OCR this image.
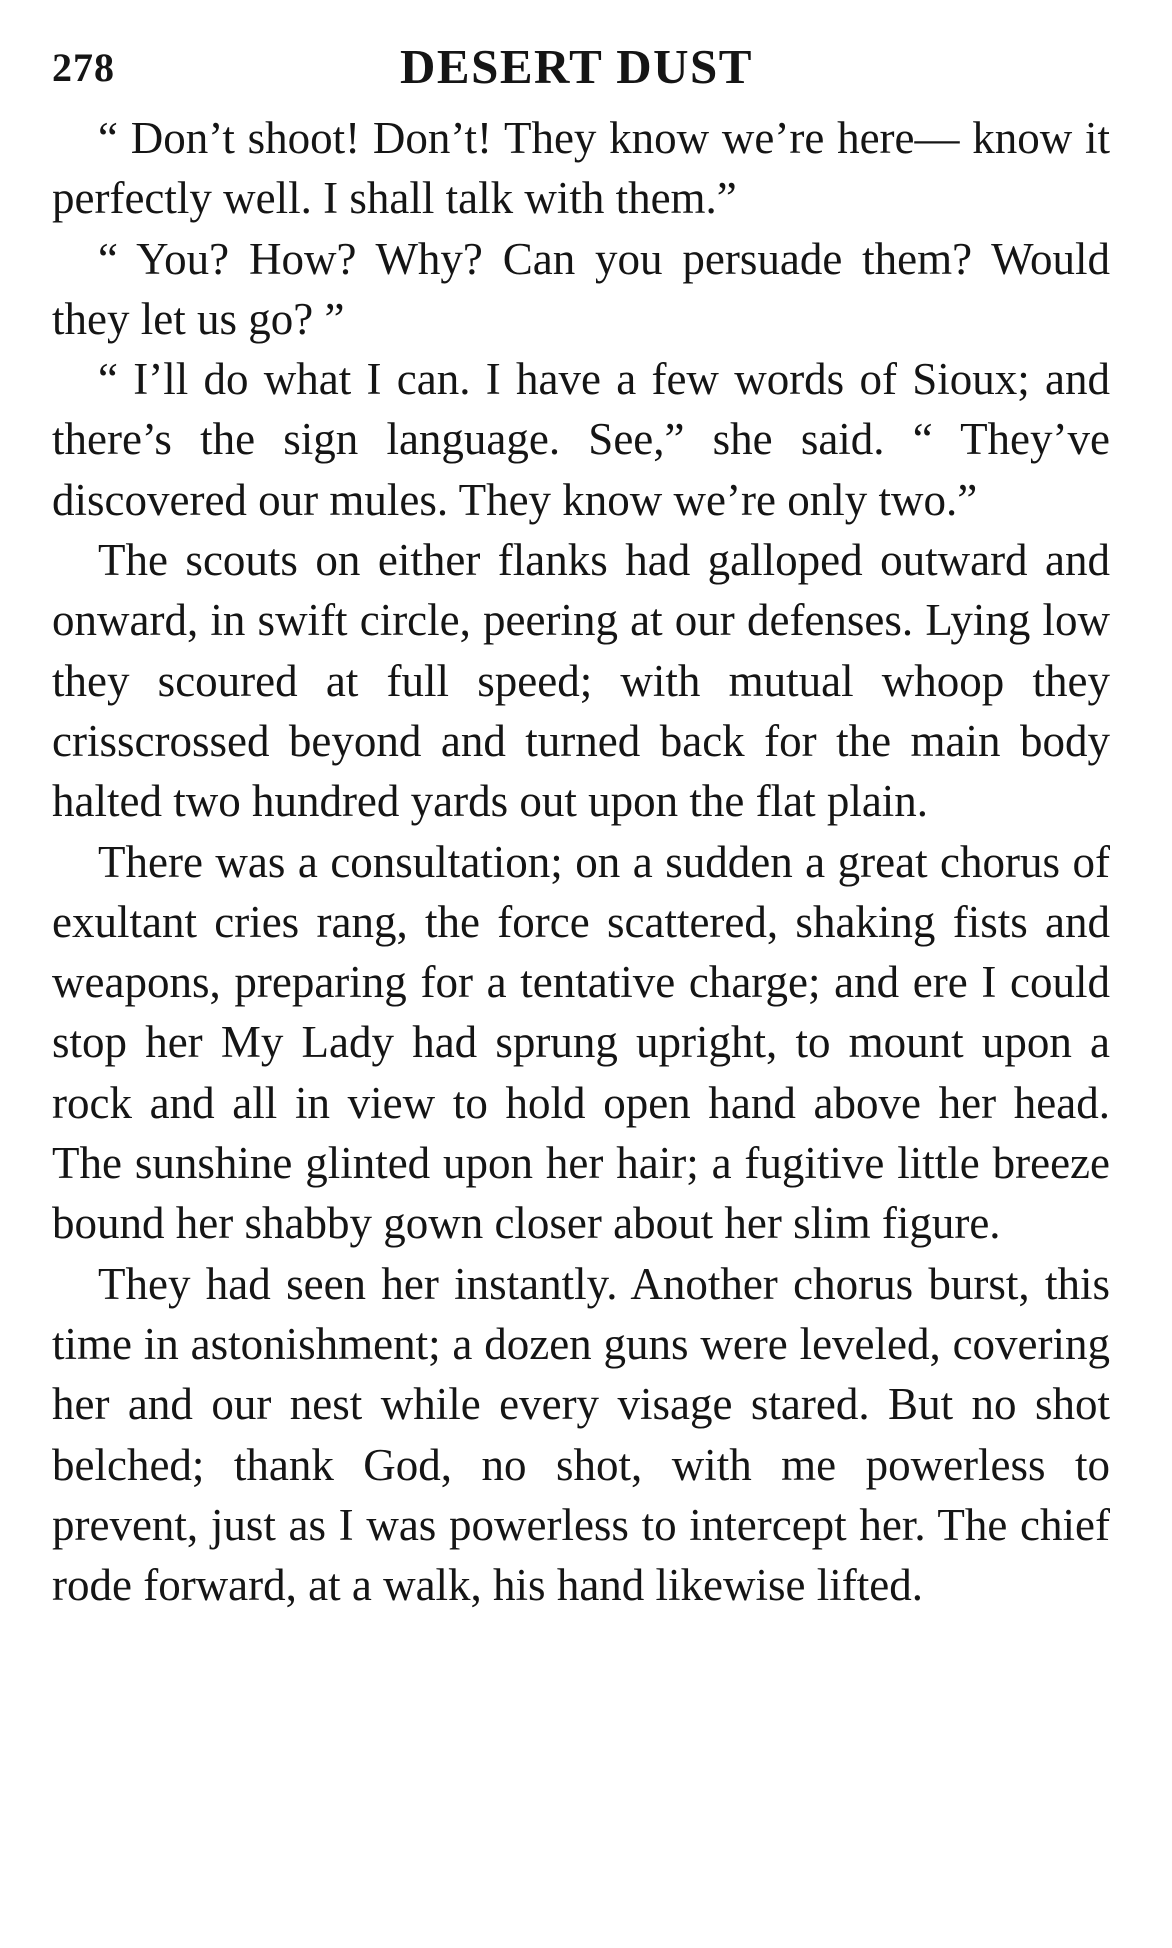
278	DESERT DUST

“ Don’t shoot! Don’t! They know we’re here— know it perfectly well. I shall talk with them.”

“ You? How? Why? Can you persuade them? Would they let us go? ”

“ I’ll do what I can. I have a few words of Sioux; and there’s the sign language. See,” she said. “ They’ve discovered our mules. They know we’re only two.”

The scouts on either flanks had galloped outward and onward, in swift circle, peering at our defenses. Lying low they scoured at full speed; with mutual whoop they crisscrossed beyond and turned back for the main body halted two hundred yards out upon the flat plain.

There was a consultation; on a sudden a great chorus of exultant cries rang, the force scattered, shaking fists and weapons, preparing for a tentative charge; and ere I could stop her My Lady had sprung upright, to mount upon a rock and all in view to hold open hand above her head. The sunshine glinted upon her hair; a fugitive little breeze bound her shabby gown closer about her slim figure.

They had seen her instantly. Another chorus burst, this time in astonishment; a dozen guns were leveled, covering her and our nest while every visage stared. But no shot belched; thank God, no shot, with me powerless to prevent, just as I was powerless to intercept her. The chief rode forward, at a walk, his hand likewise lifted.
